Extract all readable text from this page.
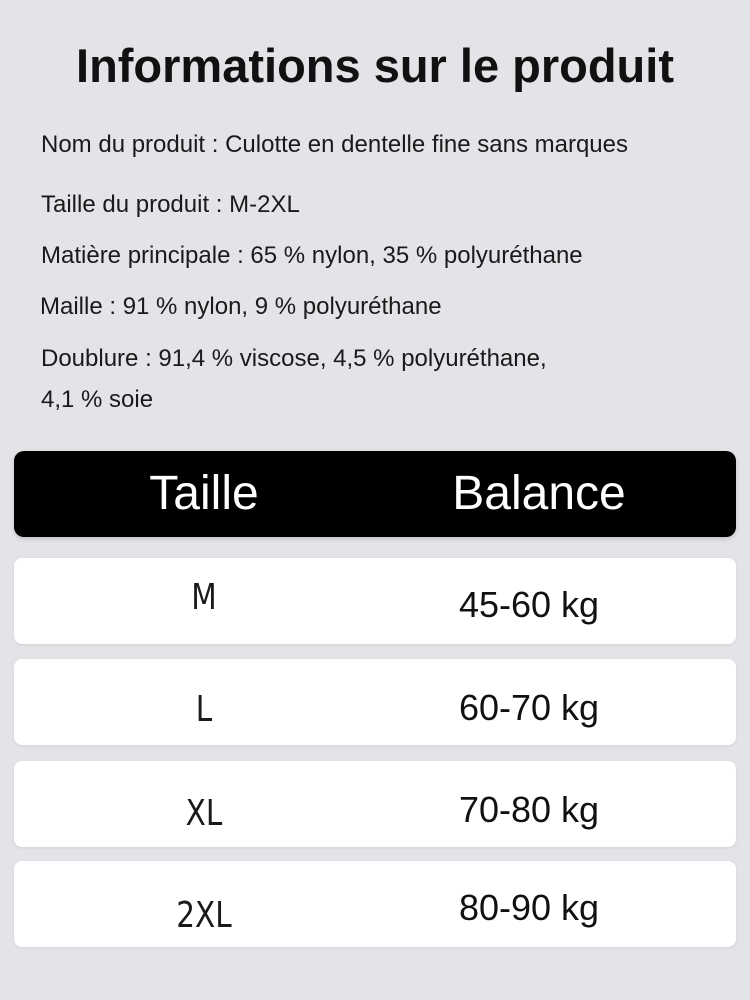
Informations sur le produit
Nom du produit : Culotte en dentelle fine sans marques
Taille du produit : M-2XL
Matière principale : 65 % nylon, 35 % polyuréthane
Maille : 91 % nylon, 9 % polyuréthane
Doublure : 91,4 % viscose, 4,5 % polyuréthane,
4,1 % soie
Taille	Balance
M	45-60 kg
L	60-70 kg
XL	70-80 kg
2XL	80-90 kg
